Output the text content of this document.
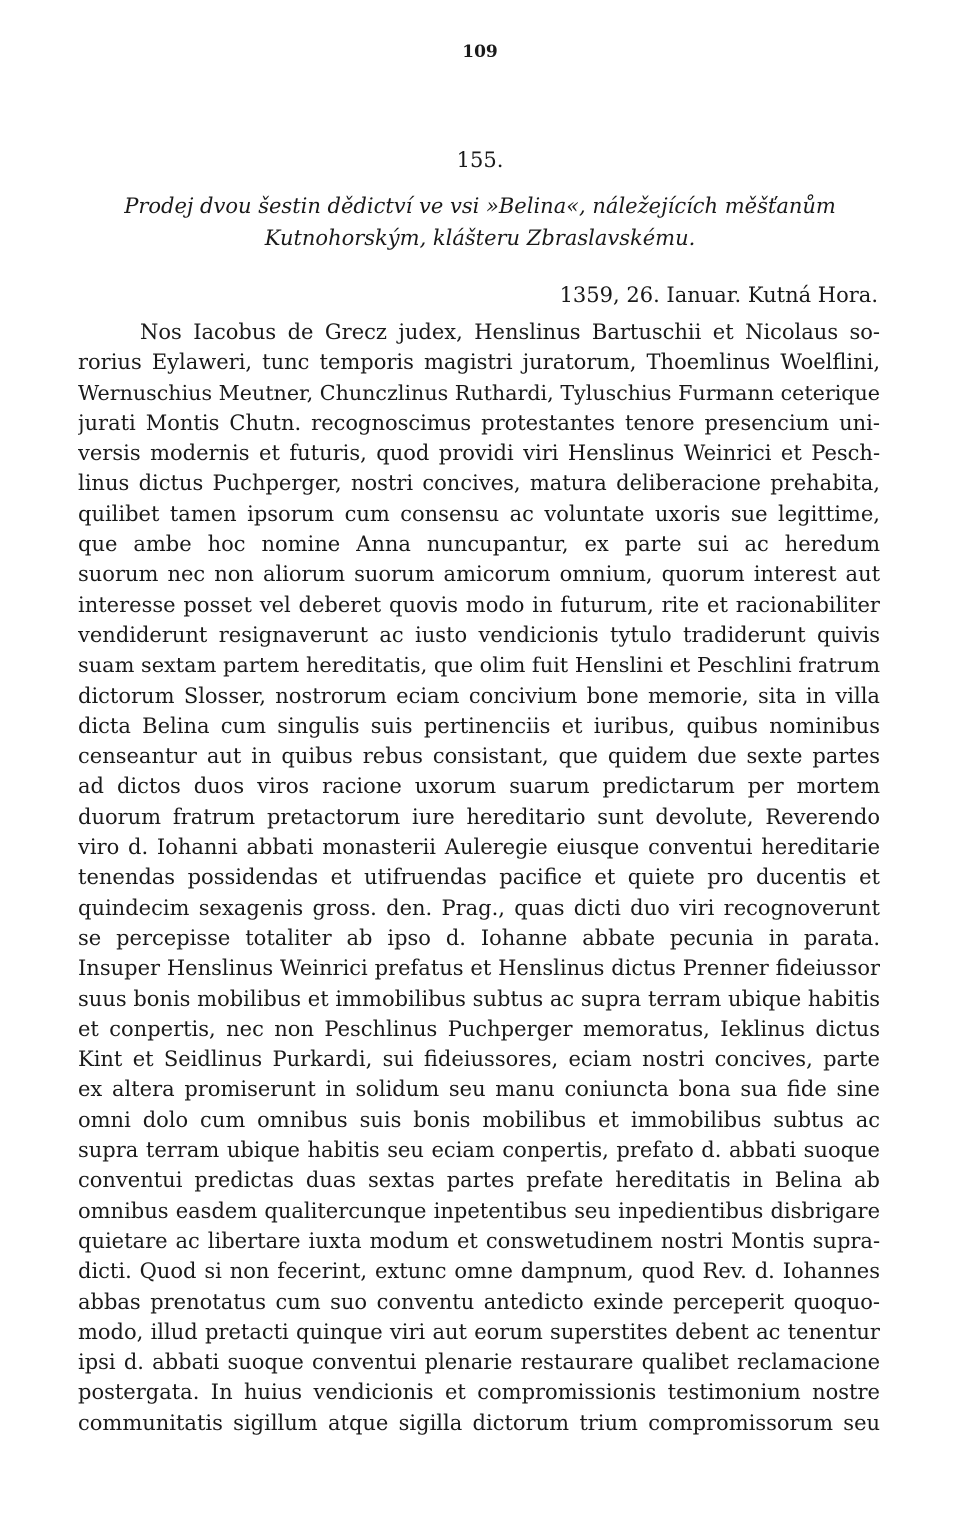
109
155.
Prodej dvou šestin dědictví ve vsi »Belina«, náležejících měšťanům
Kutnohorským, klášteru Zbraslavskému.
1359, 26. Ianuar. Kutná Hora.
Nos Iacobus de Grecz judex, Henslinus Bartuschii et Nicolaus so-
rorius Eylaweri, tunc temporis magistri juratorum, Thoemlinus Woelflini,
Wernuschius Meutner, Chunczlinus Ruthardi, Tyluschius Furmann ceterique
jurati Montis Chutn. recognoscimus protestantes tenore presencium uni-
versis modernis et futuris, quod providi viri Henslinus Weinrici et Pesch-
linus dictus Puchperger, nostri concives, matura deliberacione prehabita,
quilibet tamen ipsorum cum consensu ac voluntate uxoris sue legittime,
que ambe hoc nomine Anna nuncupantur, ex parte sui ac heredum
suorum nec non aliorum suorum amicorum omnium, quorum interest aut
interesse posset vel deberet quovis modo in futurum, rite et racionabiliter
vendiderunt resignaverunt ac iusto vendicionis tytulo tradiderunt quivis
suam sextam partem hereditatis, que olim fuit Henslini et Peschlini fratrum
dictorum Slosser, nostrorum eciam concivium bone memorie, sita in villa
dicta Belina cum singulis suis pertinenciis et iuribus, quibus nominibus
censeantur aut in quibus rebus consistant, que quidem due sexte partes
ad dictos duos viros racione uxorum suarum predictarum per mortem
duorum fratrum pretactorum iure hereditario sunt devolute, Reverendo
viro d. Iohanni abbati monasterii Auleregie eiusque conventui hereditarie
tenendas possidendas et utifruendas pacifice et quiete pro ducentis et
quindecim sexagenis gross. den. Prag., quas dicti duo viri recognoverunt
se percepisse totaliter ab ipso d. Iohanne abbate pecunia in parata.
Insuper Henslinus Weinrici prefatus et Henslinus dictus Prenner fideiussor
suus bonis mobilibus et immobilibus subtus ac supra terram ubique habitis
et conpertis, nec non Peschlinus Puchperger memoratus, Ieklinus dictus
Kint et Seidlinus Purkardi, sui fideiussores, eciam nostri concives, parte
ex altera promiserunt in solidum seu manu coniuncta bona sua fide sine
omni dolo cum omnibus suis bonis mobilibus et immobilibus subtus ac
supra terram ubique habitis seu eciam conpertis, prefato d. abbati suoque
conventui predictas duas sextas partes prefate hereditatis in Belina ab
omnibus easdem qualitercunque inpetentibus seu inpedientibus disbrigare
quietare ac libertare iuxta modum et conswetudinem nostri Montis supra-
dicti. Quod si non fecerint, extunc omne dampnum, quod Rev. d. Iohannes
abbas prenotatus cum suo conventu antedicto exinde perceperit quoquo-
modo, illud pretacti quinque viri aut eorum superstites debent ac tenentur
ipsi d. abbati suoque conventui plenarie restaurare qualibet reclamacione
postergata. In huius vendicionis et compromissionis testimonium nostre
communitatis sigillum atque sigilla dictorum trium compromissorum seu
